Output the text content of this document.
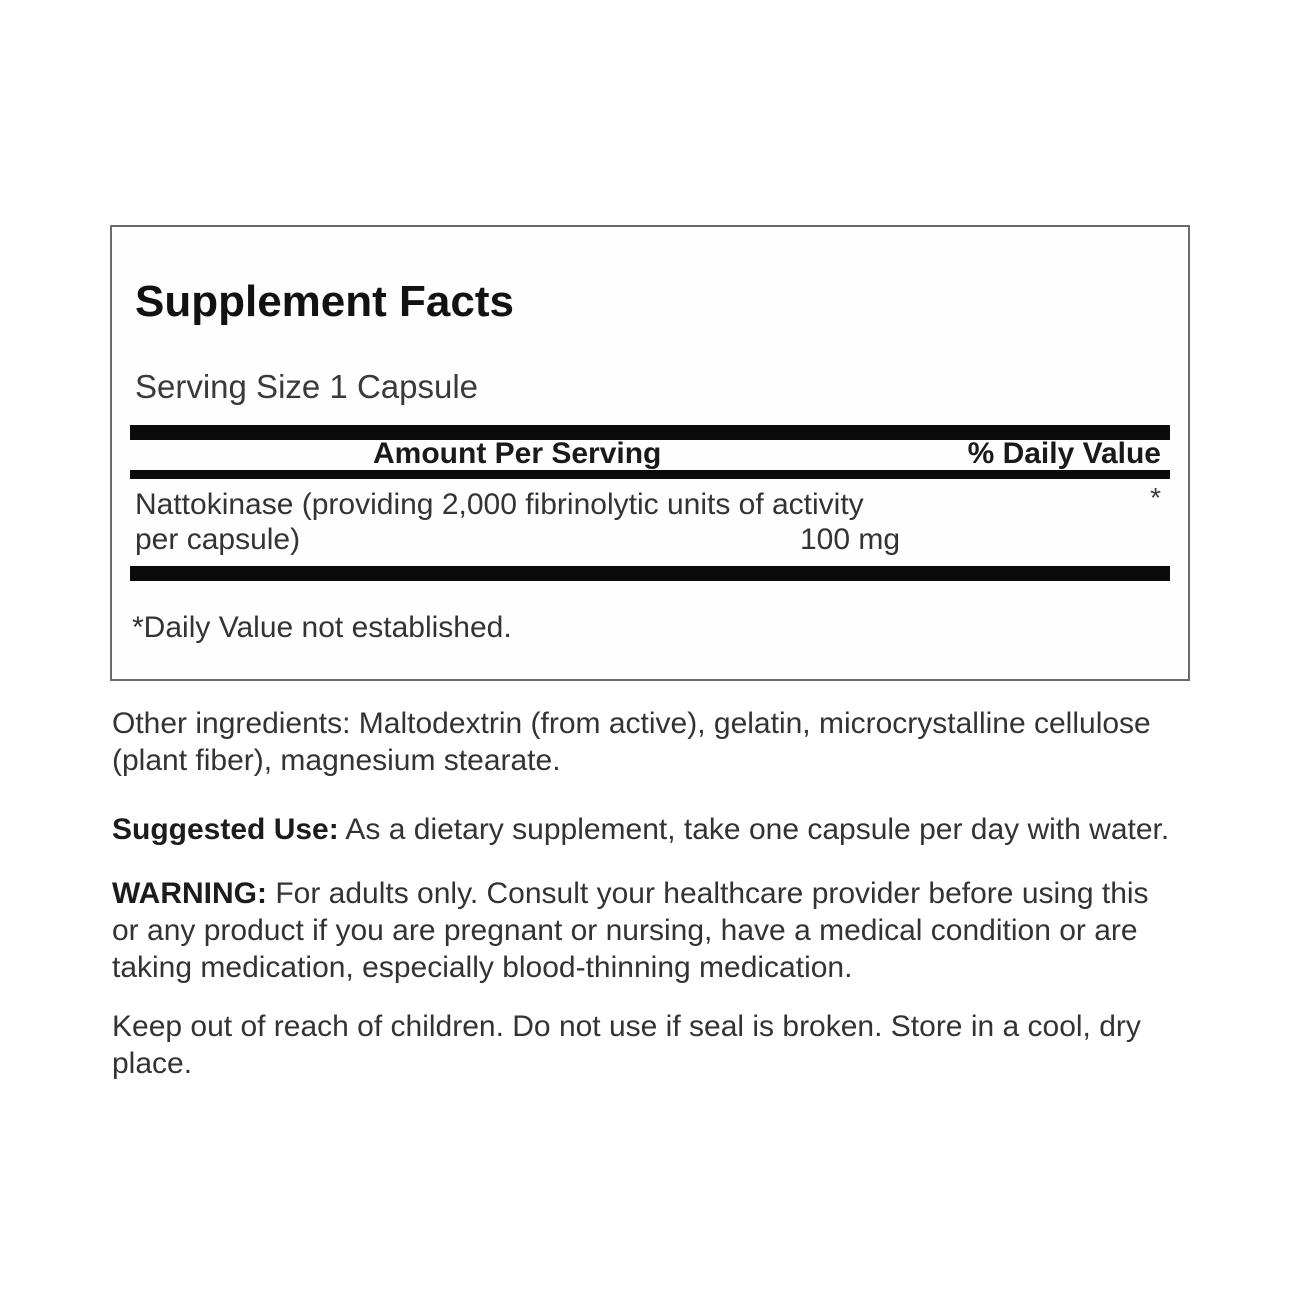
Supplement Facts
Serving Size 1 Capsule
Amount Per Serving	% Daily Value
Nattokinase (providing 2,000 fibrinolytic units of activity per capsule)	100 mg
*
*Daily Value not established.

Other ingredients: Maltodextrin (from active), gelatin, microcrystalline cellulose (plant fiber), magnesium stearate.

Suggested Use: As a dietary supplement, take one capsule per day with water.

WARNING: For adults only. Consult your healthcare provider before using this or any product if you are pregnant or nursing, have a medical condition or are taking medication, especially blood-thinning medication.

Keep out of reach of children. Do not use if seal is broken. Store in a cool, dry place.
